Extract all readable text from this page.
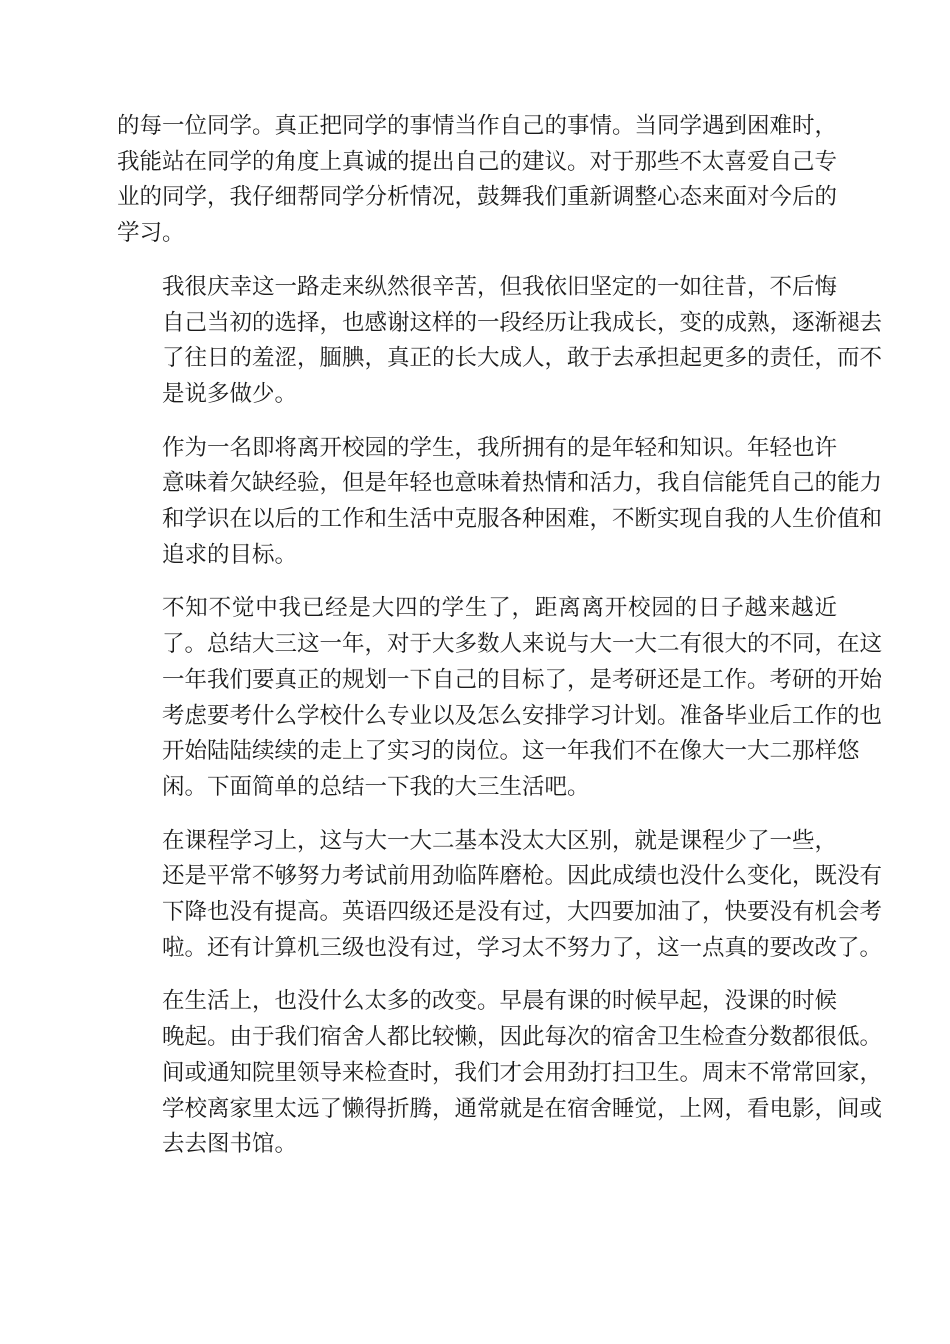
的每一位同学。真正把同学的事情当作自己的事情。当同学遇到困难时，
我能站在同学的角度上真诚的提出自己的建议。对于那些不太喜爱自己专
业的同学，我仔细帮同学分析情况，鼓舞我们重新调整心态来面对今后的
学习。

我很庆幸这一路走来纵然很辛苦，但我依旧坚定的一如往昔，不后悔
自己当初的选择，也感谢这样的一段经历让我成长，变的成熟，逐渐褪去
了往日的羞涩，腼腆，真正的长大成人，敢于去承担起更多的责任，而不
是说多做少。

作为一名即将离开校园的学生，我所拥有的是年轻和知识。年轻也许
意味着欠缺经验，但是年轻也意味着热情和活力，我自信能凭自己的能力
和学识在以后的工作和生活中克服各种困难，不断实现自我的人生价值和
追求的目标。

不知不觉中我已经是大四的学生了，距离离开校园的日子越来越近
了。总结大三这一年，对于大多数人来说与大一大二有很大的不同，在这
一年我们要真正的规划一下自己的目标了，是考研还是工作。考研的开始
考虑要考什么学校什么专业以及怎么安排学习计划。准备毕业后工作的也
开始陆陆续续的走上了实习的岗位。这一年我们不在像大一大二那样悠
闲。下面简单的总结一下我的大三生活吧。

在课程学习上，这与大一大二基本没太大区别，就是课程少了一些，
还是平常不够努力考试前用劲临阵磨枪。因此成绩也没什么变化，既没有
下降也没有提高。英语四级还是没有过，大四要加油了，快要没有机会考
啦。还有计算机三级也没有过，学习太不努力了，这一点真的要改改了。

在生活上，也没什么太多的改变。早晨有课的时候早起，没课的时候
晚起。由于我们宿舍人都比较懒，因此每次的宿舍卫生检查分数都很低。
间或通知院里领导来检查时，我们才会用劲打扫卫生。周末不常常回家，
学校离家里太远了懒得折腾，通常就是在宿舍睡觉，上网，看电影，间或
去去图书馆。
